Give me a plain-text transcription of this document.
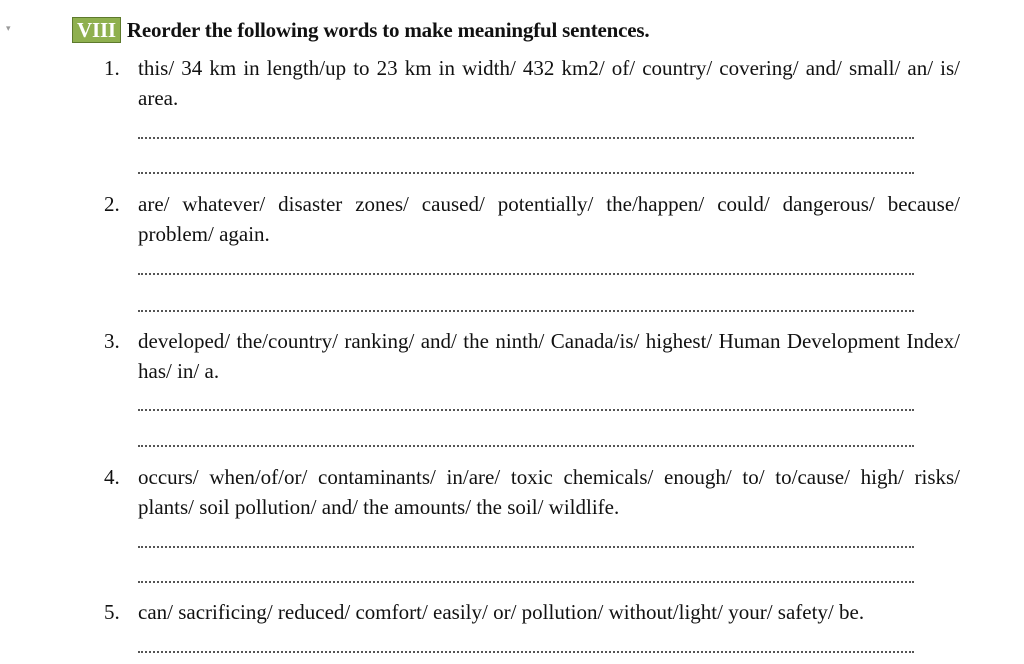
▾	VIII Reorder the following words to make meaningful sentences.
1. this/ 34 km in length/up to 23 km in width/ 432 km2/ of/ country/ covering/ and/ small/ an/ is/ area.
2. are/ whatever/ disaster zones/ caused/ potentially/ the/happen/ could/ dangerous/ because/ problem/ again.
3. developed/ the/country/ ranking/ and/ the ninth/ Canada/is/ highest/ Human Development Index/ has/ in/ a.
4. occurs/ when/of/or/ contaminants/ in/are/ toxic chemicals/ enough/ to/ to/cause/ high/ risks/ plants/ soil pollution/ and/ the amounts/ the soil/ wildlife.
5. can/ sacrificing/ reduced/ comfort/ easily/ or/ pollution/ without/light/ your/ safety/ be.
